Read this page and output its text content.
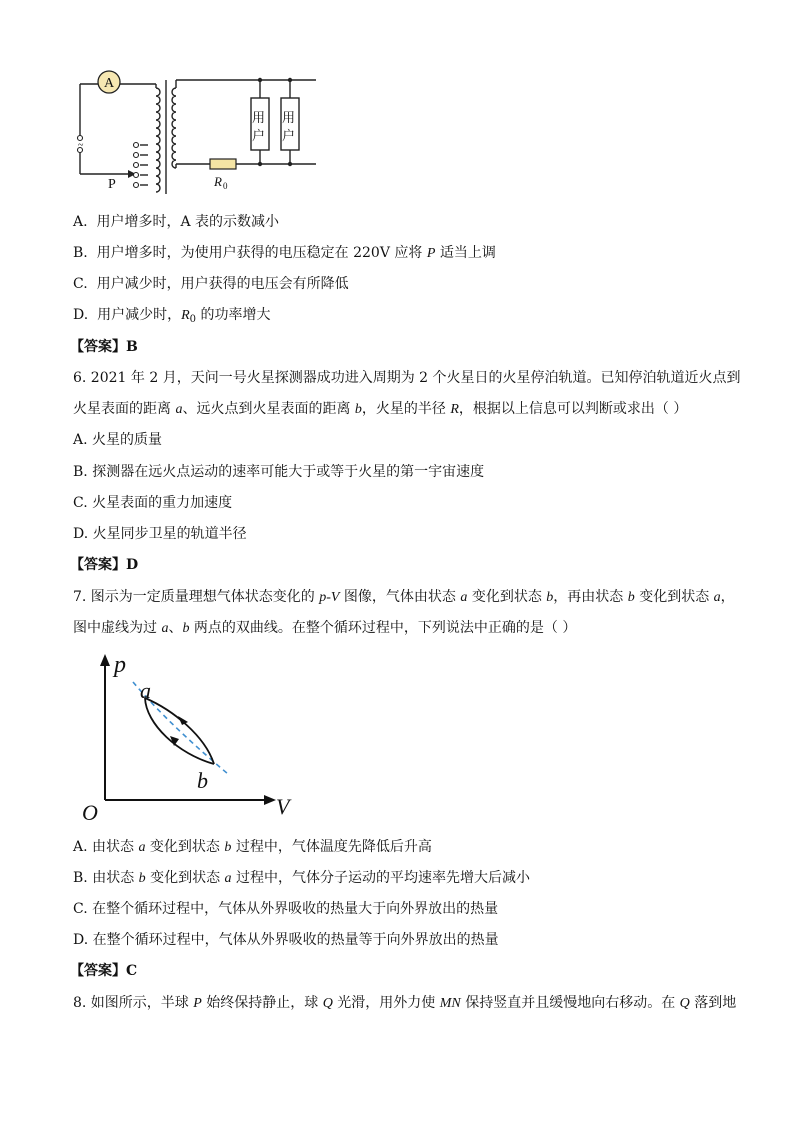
A
~
P
用
户
用
户
R 0
A. 用户增多时，A 表的示数减小
B. 用户增多时，为使用户获得的电压稳定在 220V 应将 P 适当上调
C. 用户减少时，用户获得的电压会有所降低
D. 用户减少时，$R_0$ 的功率增大
【答案】B
6. 2021 年 2 月，天问一号火星探测器成功进入周期为 2 个火星日的火星停泊轨道。已知停泊轨道近火点到
火星表面的距离 a、远火点到火星表面的距离 b，火星的半径 R，根据以上信息可以判断或求出（ ）
A. 火星的质量
B. 探测器在远火点运动的速率可能大于或等于火星的第一宇宙速度
C. 火星表面的重力加速度
D. 火星同步卫星的轨道半径
【答案】D
7. 图示为一定质量理想气体状态变化的 p-V 图像，气体由状态 a 变化到状态 b，再由状态 b 变化到状态 a，
图中虚线为过 a、b 两点的双曲线。在整个循环过程中，下列说法中正确的是（ ）
p
a
b
O	V
A. 由状态 a 变化到状态 b 过程中，气体温度先降低后升高
B. 由状态 b 变化到状态 a 过程中，气体分子运动的平均速率先增大后减小
C. 在整个循环过程中，气体从外界吸收的热量大于向外界放出的热量
D. 在整个循环过程中，气体从外界吸收的热量等于向外界放出的热量
【答案】C
8. 如图所示，半球 P 始终保持静止，球 Q 光滑，用外力使 MN 保持竖直并且缓慢地向右移动。在 Q 落到地
